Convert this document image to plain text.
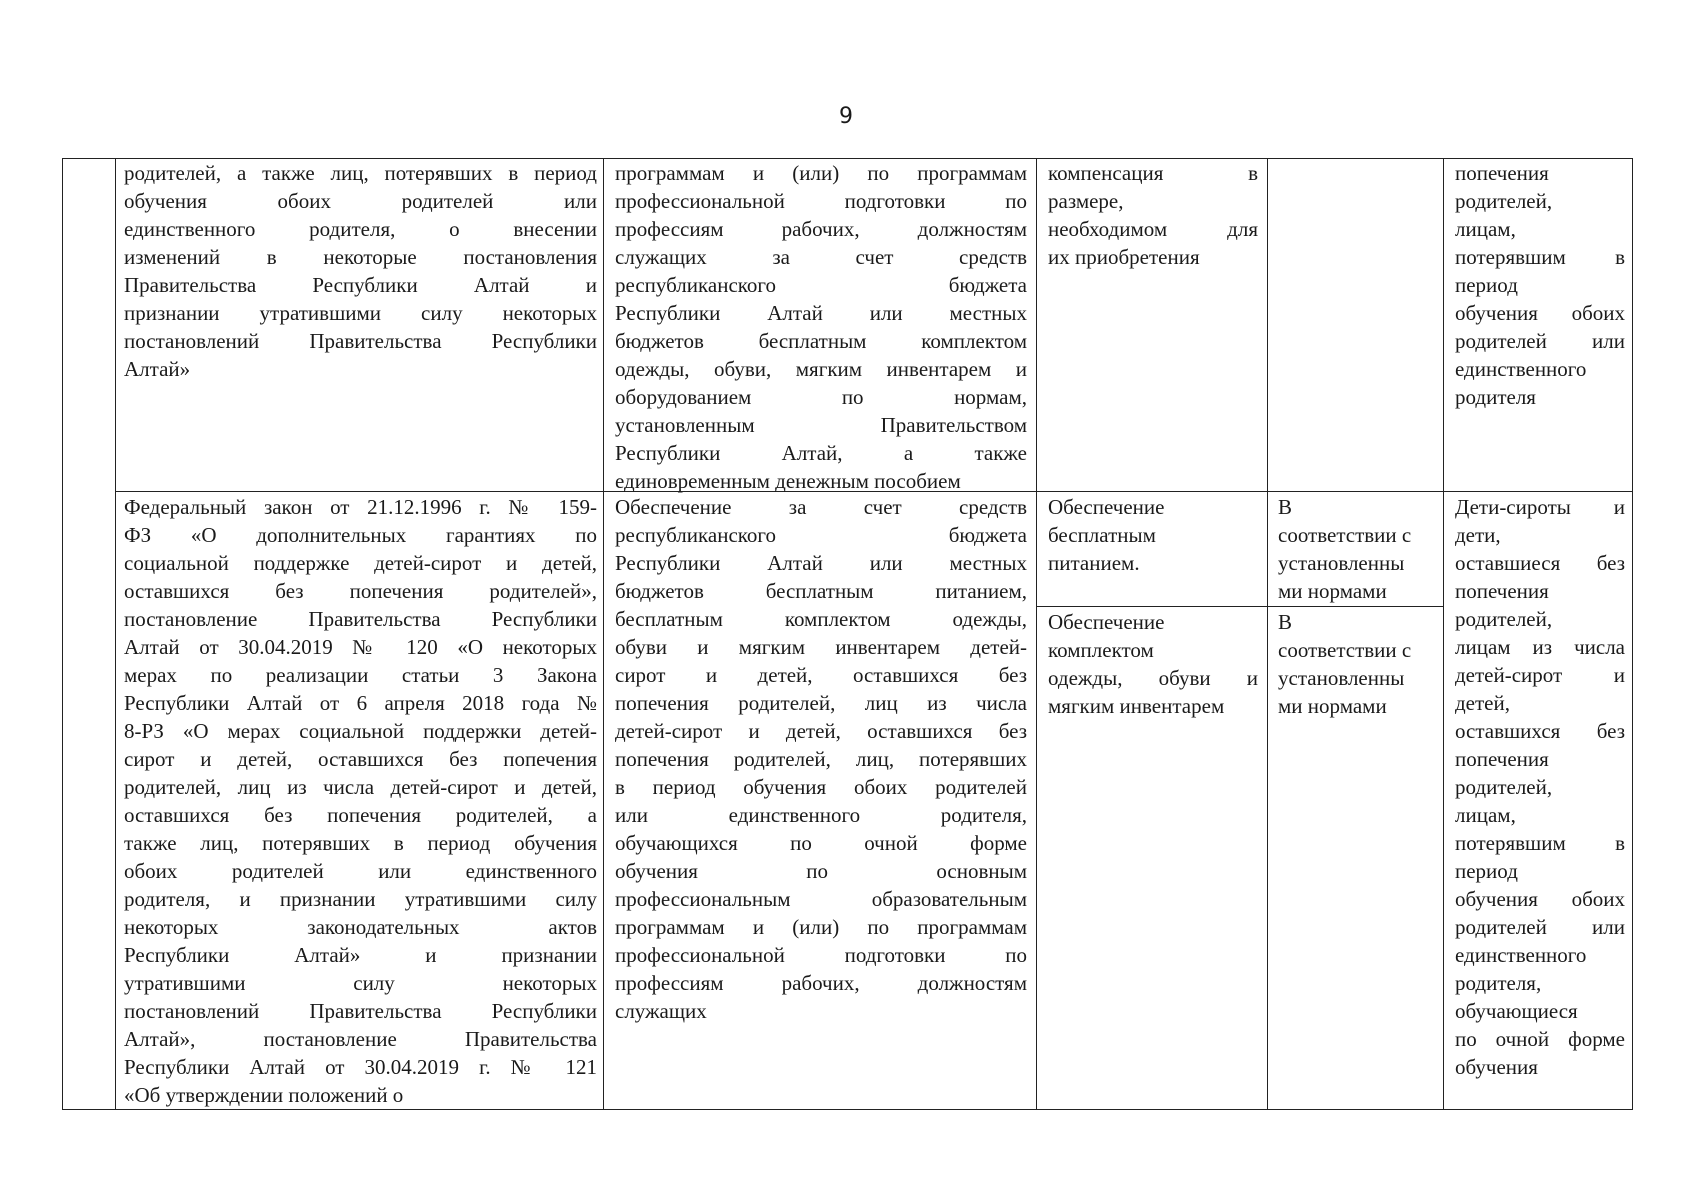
9
родителей, а также лиц, потерявших в период
обучения обоих родителей или
единственного родителя, о внесении
изменений в некоторые постановления
Правительства Республики Алтай и
признании утратившими силу некоторых
постановлений Правительства Республики
Алтай»
программам и (или) по программам
профессиональной подготовки по
профессиям рабочих, должностям
служащих за счет средств
республиканского бюджета
Республики Алтай или местных
бюджетов бесплатным комплектом
одежды, обуви, мягким инвентарем и
оборудованием по нормам,
установленным Правительством
Республики Алтай, а также
единовременным денежным пособием
компенсация в
размере,
необходимом для
их приобретения
попечения
родителей,
лицам,
потерявшим в
период
обучения обоих
родителей или
единственного
родителя
Федеральный закон от 21.12.1996 г. № 159-
ФЗ «О дополнительных гарантиях по
социальной поддержке детей-сирот и детей,
оставшихся без попечения родителей»,
постановление Правительства Республики
Алтай от 30.04.2019 № 120 «О некоторых
мерах по реализации статьи 3 Закона
Республики Алтай от 6 апреля 2018 года №
8-РЗ «О мерах социальной поддержки детей-
сирот и детей, оставшихся без попечения
родителей, лиц из числа детей-сирот и детей,
оставшихся без попечения родителей, а
также лиц, потерявших в период обучения
обоих родителей или единственного
родителя, и признании утратившими силу
некоторых законодательных актов
Республики Алтай» и признании
утратившими силу некоторых
постановлений Правительства Республики
Алтай», постановление Правительства
Республики Алтай от 30.04.2019 г. № 121
«Об утверждении положений о
Обеспечение за счет средств
республиканского бюджета
Республики Алтай или местных
бюджетов бесплатным питанием,
бесплатным комплектом одежды,
обуви и мягким инвентарем детей-
сирот и детей, оставшихся без
попечения родителей, лиц из числа
детей-сирот и детей, оставшихся без
попечения родителей, лиц, потерявших
в период обучения обоих родителей
или единственного родителя,
обучающихся по очной форме
обучения по основным
профессиональным образовательным
программам и (или) по программам
профессиональной подготовки по
профессиям рабочих, должностям
служащих
Обеспечение
бесплатным
питанием.
В
соответствии с
установленны
ми нормами
Обеспечение
комплектом
одежды, обуви и
мягким инвентарем
В
соответствии с
установленны
ми нормами
Дети-сироты и
дети,
оставшиеся без
попечения
родителей,
лицам из числа
детей-сирот и
детей,
оставшихся без
попечения
родителей,
лицам,
потерявшим в
период
обучения обоих
родителей или
единственного
родителя,
обучающиеся
по очной форме
обучения
